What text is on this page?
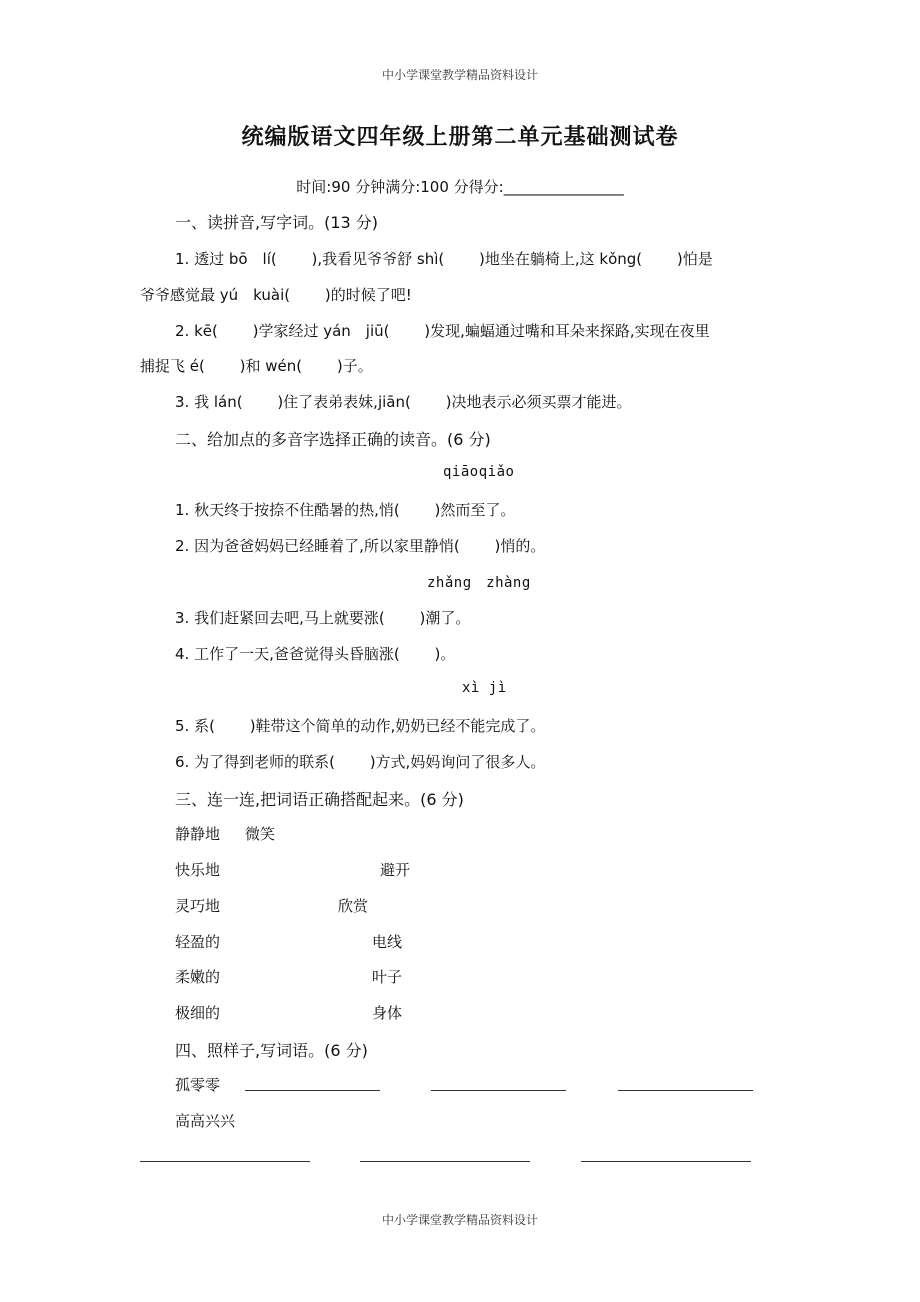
中小学课堂教学精品资料设计
统编版语文四年级上册第二单元基础测试卷
时间:90 分钟满分:100 分得分:________________
一、读拼音,写字词。(13 分)
1. 透过 bō　lí(　　 ),我看见爷爷舒 shì(　　 )地坐在躺椅上,这 kǒng(　　 )怕是
爷爷感觉最 yú　kuài(　　 )的时候了吧!
2. kē(　　 )学家经过 yán　jiū(　　 )发现,蝙蝠通过嘴和耳朵来探路,实现在夜里
捕捉飞 é(　　 )和 wén(　　 )子。
3. 我 lán(　　 )住了表弟表妹,jiān(　　 )决地表示必须买票才能进。
二、给加点的多音字选择正确的读音。(6 分)
qiāoqiǎo
1. 秋天终于按捺不住酷暑的热,悄(　　 )然而至了。
2. 因为爸爸妈妈已经睡着了,所以家里静悄(　　 )悄的。
zhǎng　zhàng
3. 我们赶紧回去吧,马上就要涨(　　 )潮了。
4. 工作了一天,爸爸觉得头昏脑涨(　　 )。
xì jì
5. 系(　　 )鞋带这个简单的动作,奶奶已经不能完成了。
6. 为了得到老师的联系(　　 )方式,妈妈询问了很多人。
三、连一连,把词语正确搭配起来。(6 分)
静静地
快乐地
灵巧地
轻盈的
柔嫩的
极细的
微笑
避开
欣赏
电线
叶子
身体
四、照样子,写词语。(6 分)
孤零零
高高兴兴
中小学课堂教学精品资料设计
